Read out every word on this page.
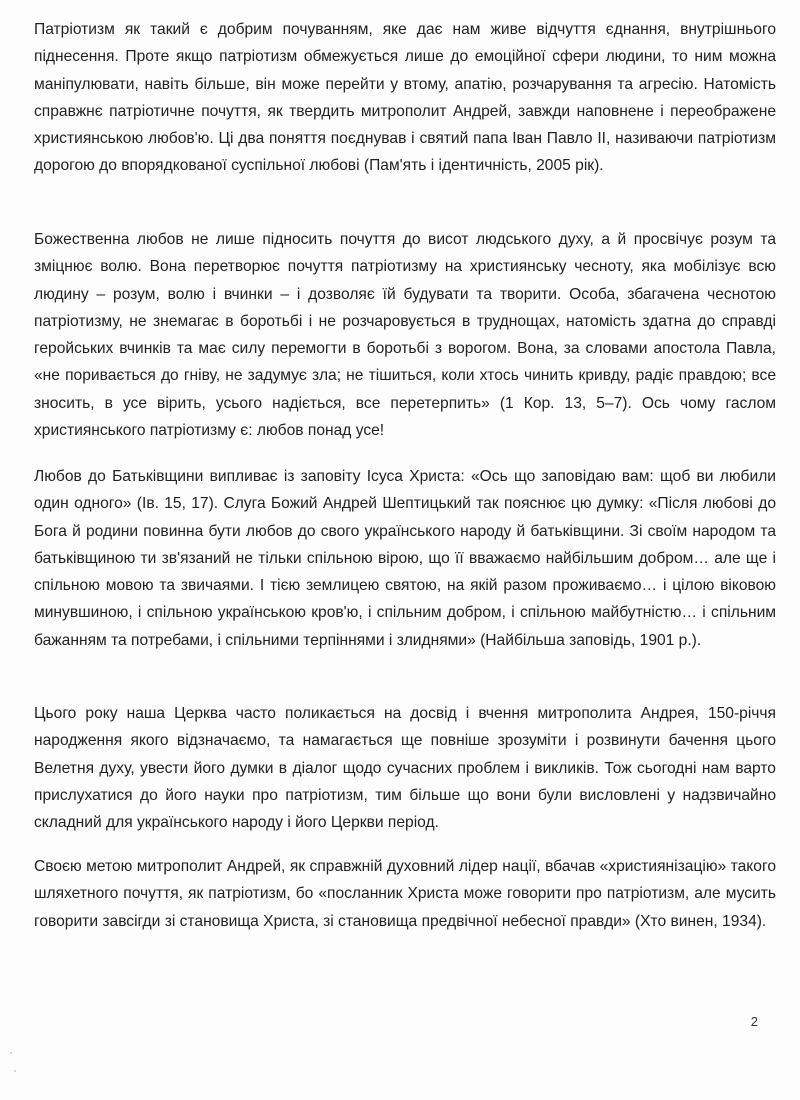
Патріотизм як такий є добрим почуванням, яке дає нам живе відчуття єднання, внутрішнього піднесення. Проте якщо патріотизм обмежується лише до емоційної сфери людини, то ним можна маніпулювати, навіть більше, він може перейти у втому, апатію, розчарування та агресію. Натомість справжнє патріотичне почуття, як твердить митрополит Андрей, завжди наповнене і переображене християнською любов'ю. Ці два поняття поєднував і святий папа Іван Павло ІІ, називаючи патріотизм дорогою до впорядкованої суспільної любові (Пам'ять і ідентичність, 2005 рік).

Божественна любов не лише підносить почуття до висот людського духу, а й просвічує розум та зміцнює волю. Вона перетворює почуття патріотизму на християнську чесноту, яка мобілізує всю людину – розум, волю і вчинки – і дозволяє їй будувати та творити. Особа, збагачена чеснотою патріотизму, не знемагає в боротьбі і не розчаровується в труднощах, натомість здатна до справді геройських вчинків та має силу перемогти в боротьбі з ворогом. Вона, за словами апостола Павла, «не поривається до гніву, не задумує зла; не тішиться, коли хтось чинить кривду, радіє правдою; все зносить, в усе вірить, усього надіється, все перетерпить» (1 Кор. 13, 5–7). Ось чому гаслом християнського патріотизму є: любов понад усе!

Любов до Батьківщини випливає із заповіту Ісуса Христа: «Ось що заповідаю вам: щоб ви любили один одного» (Ів. 15, 17). Слуга Божий Андрей Шептицький так пояснює цю думку: «Після любові до Бога й родини повинна бути любов до свого українського народу й батьківщини. Зі своїм народом та батьківщиною ти зв'язаний не тільки спільною вірою, що її вважаємо найбільшим добром… але ще і спільною мовою та звичаями. І тією землицею святою, на якій разом проживаємо… і цілою віковою минувшиною, і спільною українською кров'ю, і спільним добром, і спільною майбутністю… і спільним бажанням та потребами, і спільними терпіннями і злиднями» (Найбільша заповідь, 1901 р.).

Цього року наша Церква часто поликається на досвід і вчення митрополита Андрея, 150-річчя народження якого відзначаємо, та намагається ще повніше зрозуміти і розвинути бачення цього Велетня духу, увести його думки в діалог щодо сучасних проблем і викликів. Тож сьогодні нам варто прислухатися до його науки про патріотизм, тим більше що вони були висловлені у надзвичайно складний для українського народу і його Церкви період.

Своєю метою митрополит Андрей, як справжній духовний лідер нації, вбачав «християнізацію» такого шляхетного почуття, як патріотизм, бо «посланник Христа може говорити про патріотизм, але мусить говорити завсігди зі становища Христа, зі становища предвічної небесної правди» (Хто винен, 1934).

2
